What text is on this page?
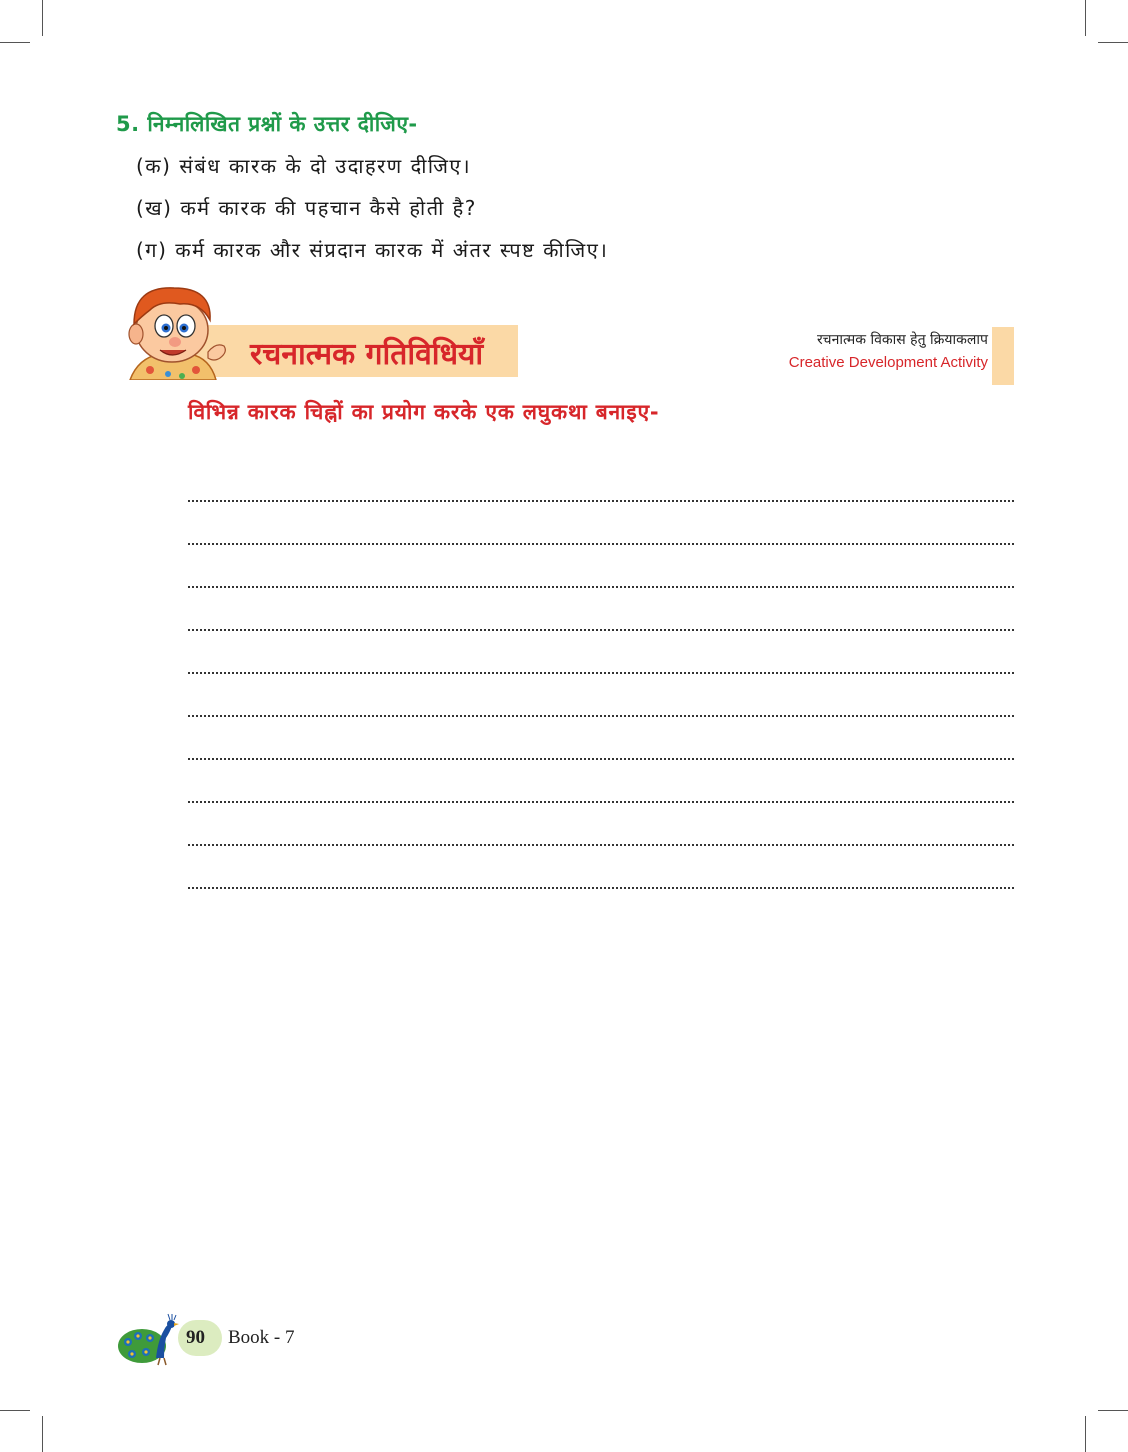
5. निम्नलिखित प्रश्नों के उत्तर दीजिए-
(क) संबंध कारक के दो उदाहरण दीजिए।
(ख) कर्म कारक की पहचान कैसे होती है?
(ग) कर्म कारक और संप्रदान कारक में अंतर स्पष्ट कीजिए।
रचनात्मक गतिविधियाँ	रचनात्मक विकास हेतु क्रियाकलाप
Creative Development Activity
विभिन्न कारक चिह्नों का प्रयोग करके एक लघुकथा बनाइए-
90 Book - 7
